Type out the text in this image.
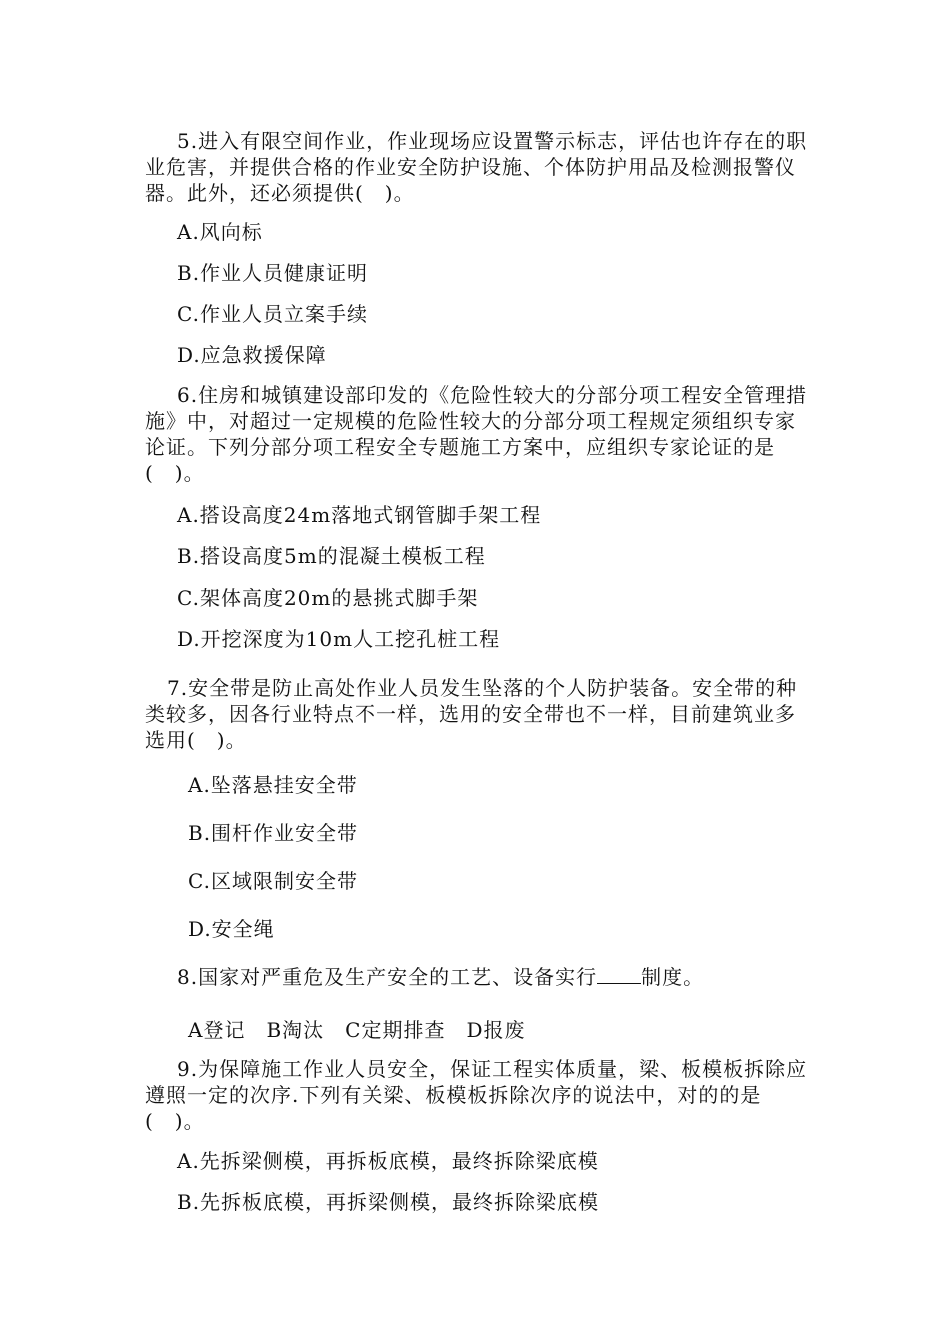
5.进入有限空间作业，作业现场应设置警示标志，评估也许存在的职业危害，并提供合格的作业安全防护设施、个体防护用品及检测报警仪器。此外，还必须提供(　)。
A.风向标
B.作业人员健康证明
C.作业人员立案手续
D.应急救援保障
6.住房和城镇建设部印发的《危险性较大的分部分项工程安全管理措施》中，对超过一定规模的危险性较大的分部分项工程规定须组织专家论证。下列分部分项工程安全专题施工方案中，应组织专家论证的是(　)。
A.搭设高度24m落地式钢管脚手架工程
B.搭设高度5m的混凝土模板工程
C.架体高度20m的悬挑式脚手架
D.开挖深度为10m人工挖孔桩工程
7.安全带是防止高处作业人员发生坠落的个人防护装备。安全带的种类较多，因各行业特点不一样，选用的安全带也不一样，目前建筑业多选用(　)。
A.坠落悬挂安全带
B.围杆作业安全带
C.区域限制安全带
D.安全绳
8.国家对严重危及生产安全的工艺、设备实行 制度。
A登记　B淘汰　C定期排查　D报废
9.为保障施工作业人员安全，保证工程实体质量，梁、板模板拆除应遵照一定的次序.下列有关梁、板模板拆除次序的说法中，对的的是(　)。
A.先拆梁侧模，再拆板底模，最终拆除梁底模
B.先拆板底模，再拆梁侧模，最终拆除梁底模
